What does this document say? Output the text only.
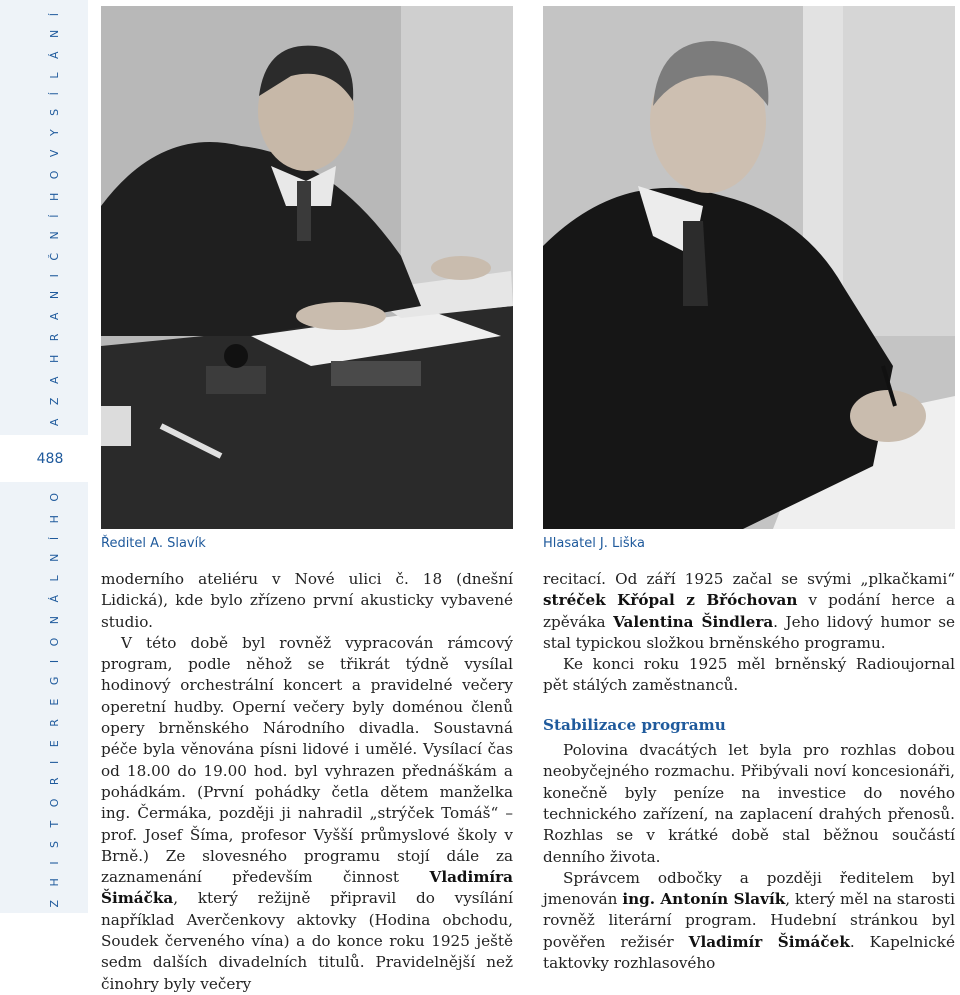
A Z A H R A N I Č N Í H O V Y S Í L Á N Í
488
Z H I S T O R I E R E G I O N Á L N Í H O	Ředitel A. Slavík	Hlasatel J. Liška

moderního ateliéru v Nové ulici č. 18 (dnešní Lidická), kde bylo zřízeno první akusticky vybavené studio.

V této době byl rovněž vypracován rámcový program, podle něhož se třikrát týdně vysílal hodinový orchestrální koncert a pravidelné večery operetní hudby. Operní večery byly doménou členů opery brněnského Národního divadla. Soustavná péče byla věnována písni lidové i umělé. Vysílací čas od 18.00 do 19.00 hod. byl vyhrazen přednáškám a pohádkám. (První pohádky četla dětem manželka ing. Čermáka, později ji nahradil „strýček Tomáš“ – prof. Josef Šíma, profesor Vyšší průmyslové školy v Brně.) Ze slovesného programu stojí dále za zaznamenání především činnost Vladimíra Šimáčka, který režijně připravil do vysílání například Averčenkovy aktovky (Hodina obchodu, Soudek červeného vína) a do konce roku 1925 ještě sedm dalších divadelních titulů. Pravidelnější než činohry byly večery

recitací. Od září 1925 začal se svými „plkačkami“ stréček Křópal z Břóchovan v podání herce a zpěváka Valentina Šindlera. Jeho lidový humor se stal typickou složkou brněnského programu.

Ke konci roku 1925 měl brněnský Radioujornal pět stálých zaměstnanců.

Stabilizace programu

Polovina dvacátých let byla pro rozhlas dobou neobyčejného rozmachu. Přibývali noví koncesionáři, konečně byly peníze na investice do nového technického zařízení, na zaplacení drahých přenosů. Rozhlas se v krátké době stal běžnou součástí denního života.

Správcem odbočky a později ředitelem byl jmenován ing. Antonín Slavík, který měl na starosti rovněž literární program. Hudební stránkou byl pověřen režisér Vladimír Šimáček. Kapelnické taktovky rozhlasového
